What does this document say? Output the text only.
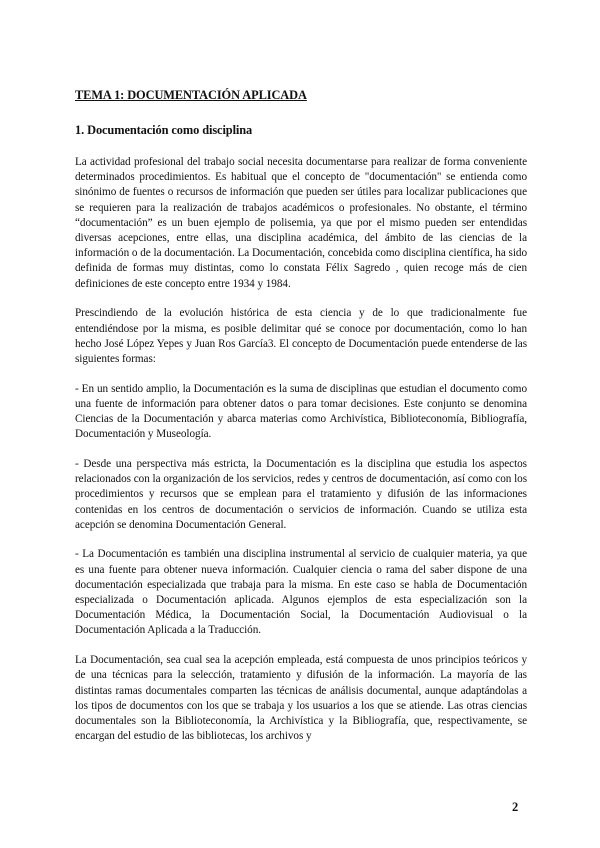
TEMA 1: DOCUMENTACIÓN APLICADA
1. Documentación como disciplina

La actividad profesional del trabajo social necesita documentarse para realizar de forma conveniente determinados procedimientos. Es habitual que el concepto de "documentación" se entienda como sinónimo de fuentes o recursos de información que pueden ser útiles para localizar publicaciones que se requieren para la realización de trabajos académicos o profesionales. No obstante, el término “documentación” es un buen ejemplo de polisemia, ya que por el mismo pueden ser entendidas diversas acepciones, entre ellas, una disciplina académica, del ámbito de las ciencias de la información o de la documentación. La Documentación, concebida como disciplina científica, ha sido definida de formas muy distintas, como lo constata Félix Sagredo , quien recoge más de cien definiciones de este concepto entre 1934 y 1984.

Prescindiendo de la evolución histórica de esta ciencia y de lo que tradicionalmente fue entendiéndose por la misma, es posible delimitar qué se conoce por documentación, como lo han hecho José López Yepes y Juan Ros García3. El concepto de Documentación puede entenderse de las siguientes formas:

- En un sentido amplio, la Documentación es la suma de disciplinas que estudian el documento como una fuente de información para obtener datos o para tomar decisiones. Este conjunto se denomina Ciencias de la Documentación y abarca materias como Archivística, Biblioteconomía, Bibliografía, Documentación y Museología.

- Desde una perspectiva más estricta, la Documentación es la disciplina que estudia los aspectos relacionados con la organización de los servicios, redes y centros de documentación, así como con los procedimientos y recursos que se emplean para el tratamiento y difusión de las informaciones contenidas en los centros de documentación o servicios de información. Cuando se utiliza esta acepción se denomina Documentación General.

- La Documentación es también una disciplina instrumental al servicio de cualquier materia, ya que es una fuente para obtener nueva información. Cualquier ciencia o rama del saber dispone de una documentación especializada que trabaja para la misma. En este caso se habla de Documentación especializada o Documentación aplicada. Algunos ejemplos de esta especialización son la Documentación Médica, la Documentación Social, la Documentación Audiovisual o la Documentación Aplicada a la Traducción.

La Documentación, sea cual sea la acepción empleada, está compuesta de unos principios teóricos y de una técnicas para la selección, tratamiento y difusión de la información. La mayoría de las distintas ramas documentales comparten las técnicas de análisis documental, aunque adaptándolas a los tipos de documentos con los que se trabaja y los usuarios a los que se atiende. Las otras ciencias documentales son la Biblioteconomía, la Archivística y la Bibliografía, que, respectivamente, se encargan del estudio de las bibliotecas, los archivos y

2
